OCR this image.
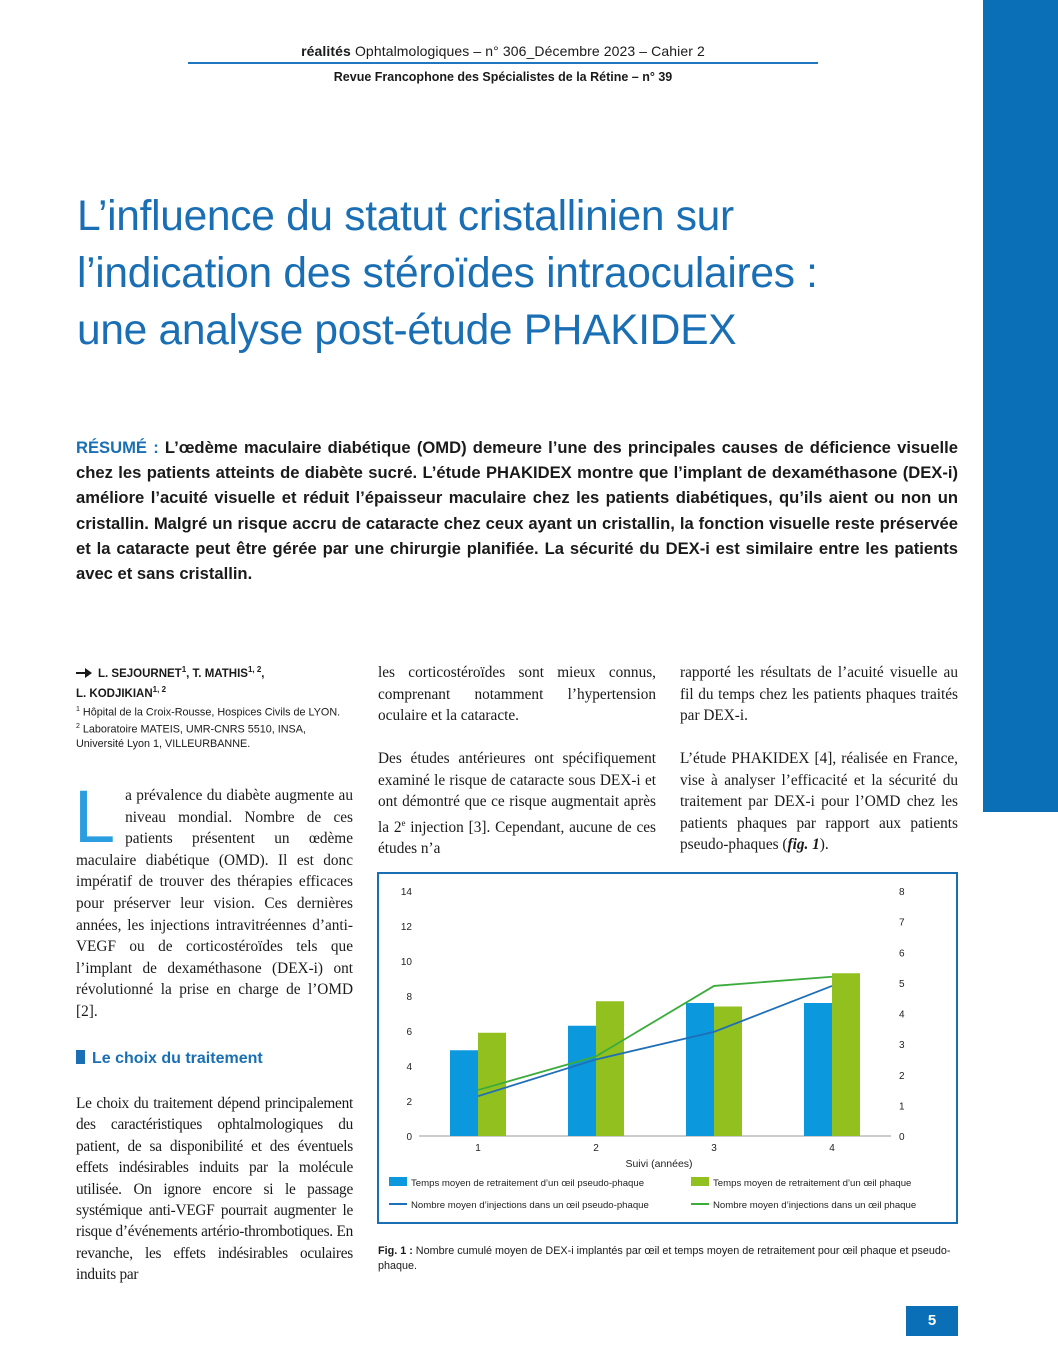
réalités Ophtalmologiques – n° 306_Décembre 2023 – Cahier 2
Revue Francophone des Spécialistes de la Rétine – n° 39
L’influence du statut cristallinien sur
l’indication des stéroïdes intraoculaires :
une analyse post-étude PHAKIDEX
RÉSUMÉ : L’œdème maculaire diabétique (OMD) demeure l’une des principales causes de déficience visuelle chez les patients atteints de diabète sucré. L’étude PHAKIDEX montre que l’implant de dexaméthasone (DEX-i) améliore l’acuité visuelle et réduit l’épaisseur maculaire chez les patients diabétiques, qu’ils aient ou non un cristallin. Malgré un risque accru de cataracte chez ceux ayant un cristallin, la fonction visuelle reste préservée et la cataracte peut être gérée par une chirurgie planifiée. La sécurité du DEX-i est similaire entre les patients avec et sans cristallin.
L. SEJOURNET$^1$, T. MATHIS$^{1, 2}$,
L. KODJIKIAN$^{1, 2}$
$^1$ Hôpital de la Croix-Rousse, Hospices Civils de LYON.
$^2$ Laboratoire MATEIS, UMR-CNRS 5510, INSA, Université Lyon 1, VILLEURBANNE.
La prévalence du diabète augmente au niveau mondial. Nombre de ces patients présentent un œdème maculaire diabétique (OMD). Il est donc impératif de trouver des thérapies efficaces pour préserver leur vision. Ces dernières années, les injections intravitréennes d’anti-VEGF ou de corticostéroïdes tels que l’implant de dexaméthasone (DEX-i) ont révolutionné la prise en charge de l’OMD [2].
Le choix du traitement
Le choix du traitement dépend principalement des caractéristiques ophtalmologiques du patient, de sa disponibilité et des éventuels effets indésirables induits par la molécule utilisée. On ignore encore si le passage systémique anti-VEGF pourrait augmenter le risque d’événements artério-thrombotiques. En revanche, les effets indésirables oculaires induits par

les corticostéroïdes sont mieux connus, comprenant notamment l’hypertension oculaire et la cataracte.

Des études antérieures ont spécifiquement examiné le risque de cataracte sous DEX-i et ont démontré que ce risque augmentait après la 2e injection [3]. Cependant, aucune de ces études n’a

rapporté les résultats de l’acuité visuelle au fil du temps chez les patients phaques traités par DEX-i.

L’étude PHAKIDEX [4], réalisée en France, vise à analyser l’efficacité et la sécurité du traitement par DEX-i pour l’OMD chez les patients phaques par rapport aux patients pseudo-phaques (fig. 1).

0
2
4
6
8
10
12
14
0
1
2
3
4
5
6
7
8
1	2	3	4
Suivi (années)
Temps moyen de retraitement d’un œil pseudo-phaque	Temps moyen de retraitement d’un œil phaque
Nombre moyen d’injections dans un œil pseudo-phaque	Nombre moyen d’injections dans un œil phaque
Fig. 1 : Nombre cumulé moyen de DEX-i implantés par œil et temps moyen de retraitement pour œil phaque et pseudo-phaque.
5
